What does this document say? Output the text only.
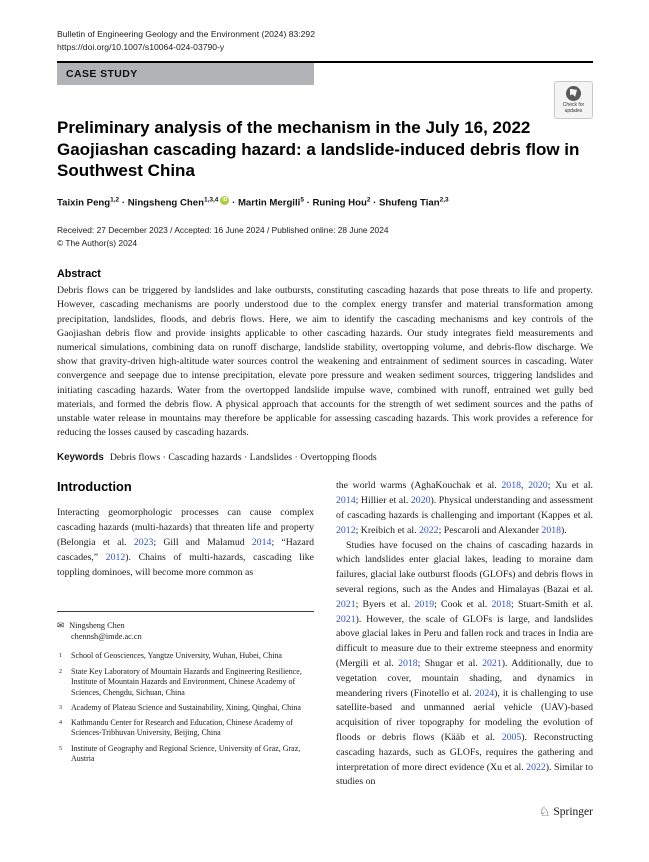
Bulletin of Engineering Geology and the Environment (2024) 83:292
https://doi.org/10.1007/s10064-024-03790-y
CASE STUDY
Check for
updates
Preliminary analysis of the mechanism in the July 16, 2022 Gaojiashan cascading hazard: a landslide-induced debris flow in Southwest China
Taixin Peng$^{1,2}$ · Ningsheng Chen$^{1,3,4}$ iD · Martin Mergili$^5$ · Runing Hou$^2$ · Shufeng Tian$^{2,3}$
Received: 27 December 2023 / Accepted: 16 June 2024 / Published online: 28 June 2024
© The Author(s) 2024
Abstract

Debris flows can be triggered by landslides and lake outbursts, constituting cascading hazards that pose threats to life and property. However, cascading mechanisms are poorly understood due to the complex energy transfer and material transformation among precipitation, landslides, floods, and debris flows. Here, we aim to identify the cascading mechanisms and key controls of the Gaojiashan debris flow and provide insights applicable to other cascading hazards. Our study integrates field measurements and numerical simulations, combining data on runoff discharge, landslide stability, overtopping volume, and debris-flow discharge. We show that gravity-driven high-altitude water sources control the weakening and entrainment of sediment sources in cascading. Water convergence and seepage due to intense precipitation, elevate pore pressure and weaken sediment sources, triggering landslides and initiating cascading hazards. Water from the overtopped landslide impulse wave, combined with runoff, entrained wet gully bed materials, and formed the debris flow. A physical approach that accounts for the strength of wet sediment sources and the paths of unstable water release in mountains may therefore be applicable for assessing cascading hazards. This work provides a reference for reducing the losses caused by cascading hazards.

Keywords Debris flows · Cascading hazards · Landslides · Overtopping floods
Introduction

Interacting geomorphologic processes can cause complex cascading hazards (multi-hazards) that threaten life and property (Belongia et al. 2023; Gill and Malamud 2014; “Hazard cascades,” 2012). Chains of multi-hazards, cascading like toppling dominoes, will become more common as

✉ Ningsheng Chen
chennsh@imde.ac.cn
1 School of Geosciences, Yangtze University, Wuhan, Hubei, China
2 State Key Laboratory of Mountain Hazards and Engineering Resilience, Institute of Mountain Hazards and Environment, Chinese Academy of Sciences, Chengdu, Sichuan, China
3 Academy of Plateau Science and Sustainability, Xining, Qinghai, China
4 Kathmandu Center for Research and Education, Chinese Academy of Sciences-Tribhuvan University, Beijing, China
5 Institute of Geography and Regional Science, University of Graz, Graz, Austria

the world warms (AghaKouchak et al. 2018, 2020; Xu et al. 2014; Hillier et al. 2020). Physical understanding and assessment of cascading hazards is challenging and important (Kappes et al. 2012; Kreibich et al. 2022; Pescaroli and Alexander 2018).

Studies have focused on the chains of cascading hazards in which landslides enter glacial lakes, leading to moraine dam failures, glacial lake outburst floods (GLOFs) and debris flows in several regions, such as the Andes and Himalayas (Bazai et al. 2021; Byers et al. 2019; Cook et al. 2018; Stuart-Smith et al. 2021). However, the scale of GLOFs is large, and landslides above glacial lakes in Peru and fallen rock and traces in India are difficult to measure due to their extreme steepness and enormity (Mergili et al. 2018; Shugar et al. 2021). Additionally, due to vegetation cover, mountain shading, and dynamics in meandering rivers (Finotello et al. 2024), it is challenging to use satellite-based and unmanned aerial vehicle (UAV)-based acquisition of river topography for modeling the evolution of floods or debris flows (Kääb et al. 2005). Reconstructing cascading hazards, such as GLOFs, requires the gathering and interpretation of more direct evidence (Xu et al. 2022). Similar to studies on

♘ Springer
